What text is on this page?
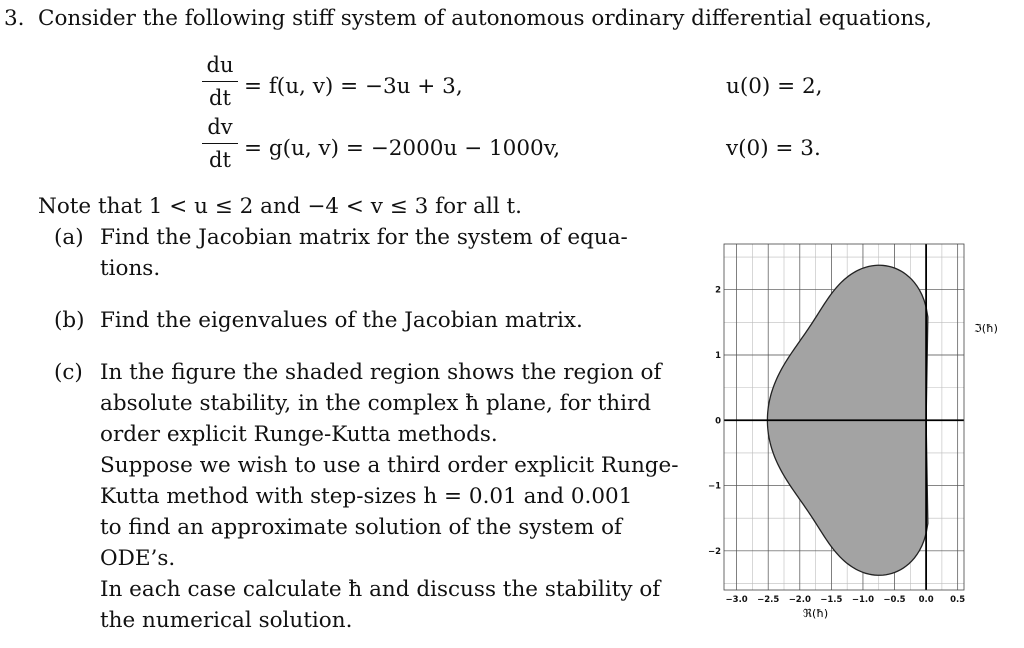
3. Consider the following stiff system of autonomous ordinary differential equations,
du
dt = f(u, v) = −3u + 3,	u(0) = 2,
dv
dt = g(u, v) = −2000u − 1000v,	v(0) = 3.
Note that 1 < u ≤ 2 and −4 < v ≤ 3 for all t.
(a) Find the Jacobian matrix for the system of equa-
tions.
(b) Find the eigenvalues of the Jacobian matrix.
(c) In the figure the shaded region shows the region of
absolute stability, in the complex ħ plane, for third
order explicit Runge-Kutta methods.
Suppose we wish to use a third order explicit Runge-
Kutta method with step-sizes h = 0.01 and 0.001
to find an approximate solution of the system of
ODE’s.
In each case calculate ħ and discuss the stability of
the numerical solution.
−3.0 −2.5 −2.0 −1.5 −1.0 −0.5 0.0 0.5
2
1
0
−1
−2
ℜ(ħ)
ℑ(ħ)
